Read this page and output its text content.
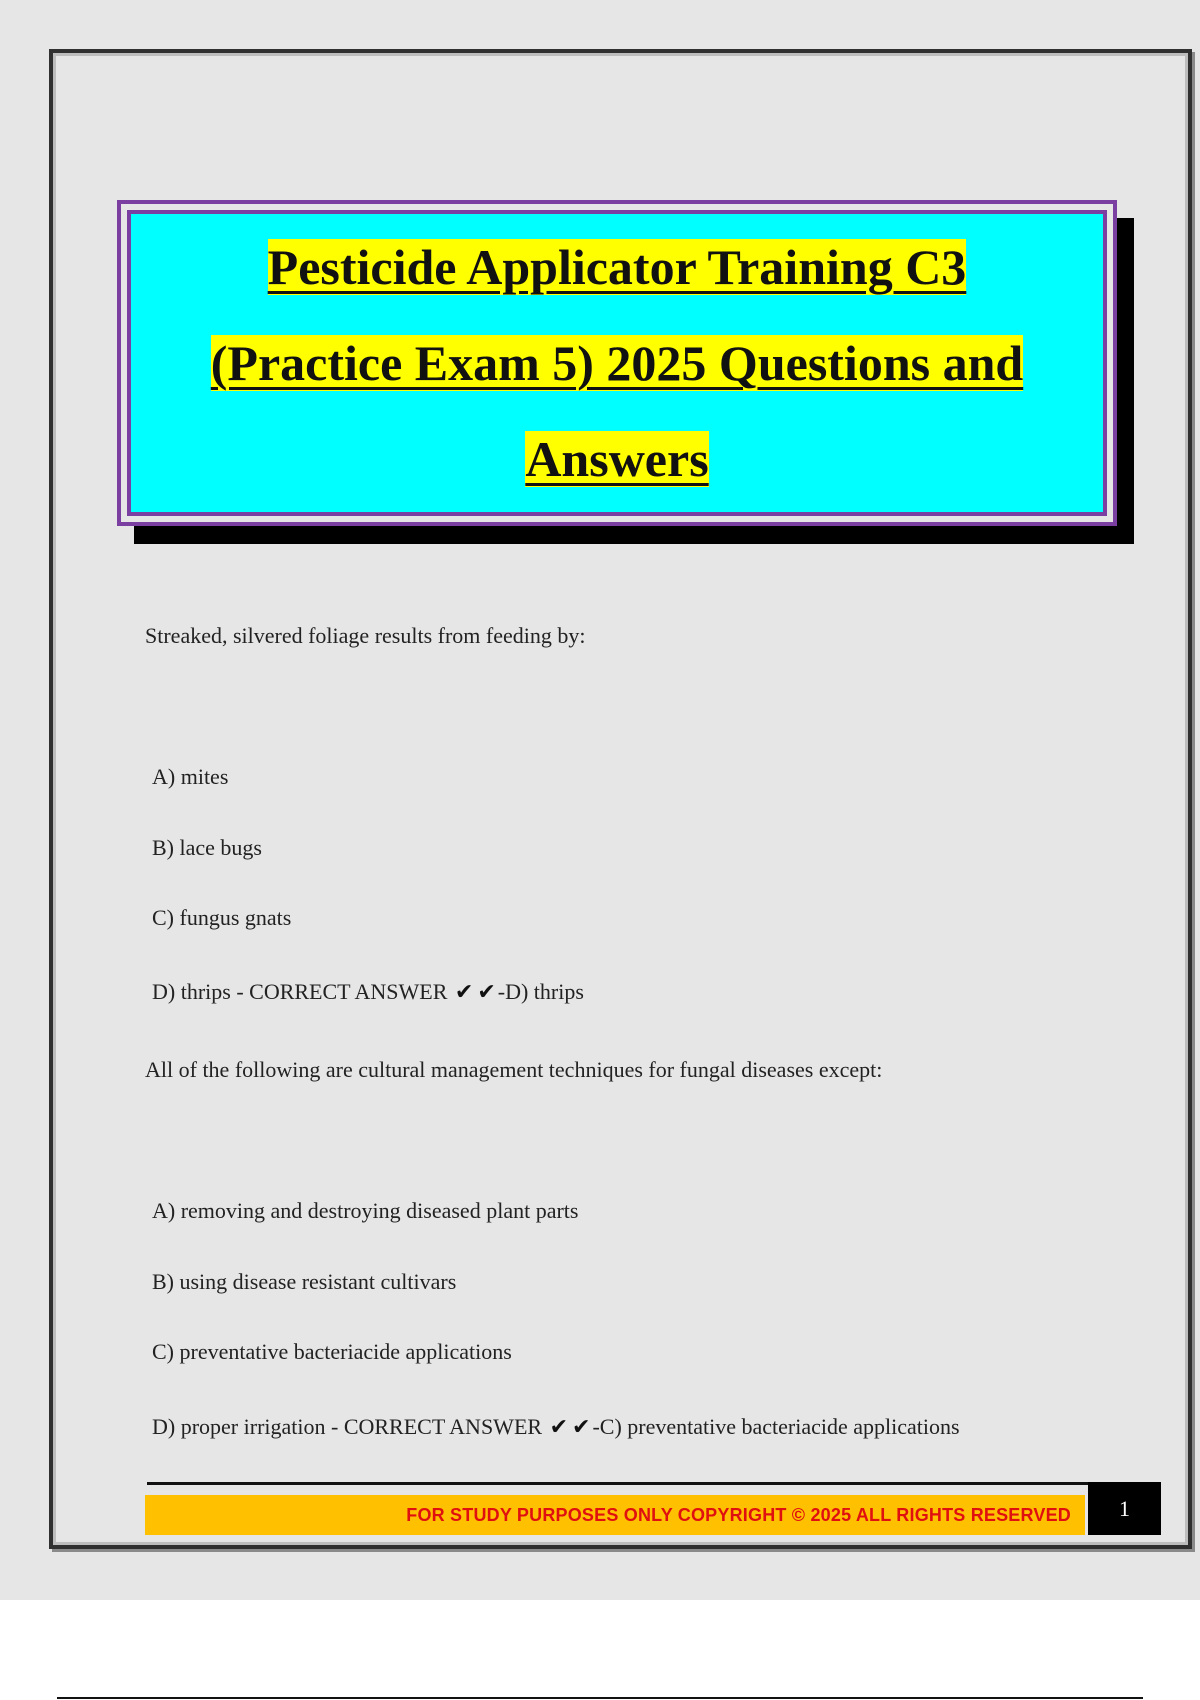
Pesticide Applicator Training C3
(Practice Exam 5) 2025 Questions and
Answers
Streaked, silvered foliage results from feeding by:
A) mites
B) lace bugs
C) fungus gnats
D) thrips - CORRECT ANSWER ✔ ✔-D) thrips
All of the following are cultural management techniques for fungal diseases except:
A) removing and destroying diseased plant parts
B) using disease resistant cultivars
C) preventative bacteriacide applications
D) proper irrigation - CORRECT ANSWER ✔ ✔-C) preventative bacteriacide applications
FOR STUDY PURPOSES ONLY COPYRIGHT © 2025 ALL RIGHTS RESERVED 1
